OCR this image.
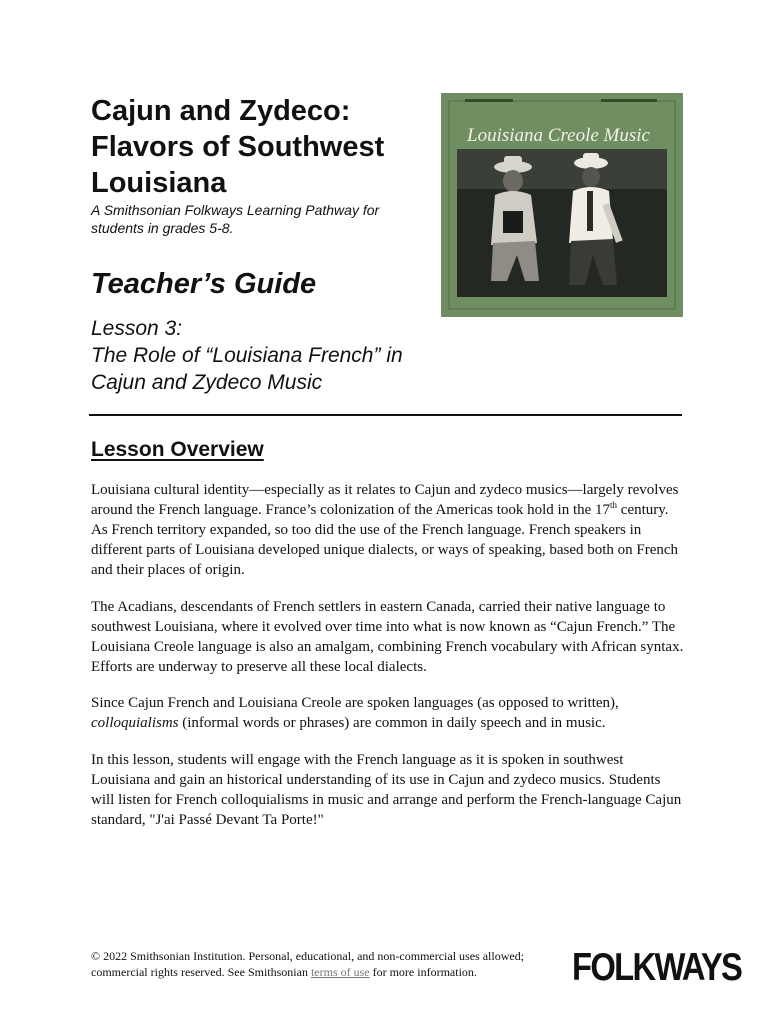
Cajun and Zydeco:
Flavors of Southwest
Louisiana
A Smithsonian Folkways Learning Pathway for students in grades 5-8.
Teacher’s Guide
Lesson 3:
The Role of “Louisiana French” in Cajun and Zydeco Music
Louisiana Creole Music
Lesson Overview

Louisiana cultural identity––especially as it relates to Cajun and zydeco musics—largely revolves around the French language. France’s colonization of the Americas took hold in the 17th century. As French territory expanded, so too did the use of the French language. French speakers in different parts of Louisiana developed unique dialects, or ways of speaking, based both on French and their places of origin.

The Acadians, descendants of French settlers in eastern Canada, carried their native language to southwest Louisiana, where it evolved over time into what is now known as “Cajun French.” The Louisiana Creole language is also an amalgam, combining French vocabulary with African syntax. Efforts are underway to preserve all these local dialects.

Since Cajun French and Louisiana Creole are spoken languages (as opposed to written), colloquialisms (informal words or phrases) are common in daily speech and in music.

In this lesson, students will engage with the French language as it is spoken in southwest Louisiana and gain an historical understanding of its use in Cajun and zydeco musics. Students will listen for French colloquialisms in music and arrange and perform the French-language Cajun standard, "J'ai Passé Devant Ta Porte!"

© 2022 Smithsonian Institution. Personal, educational, and non-commercial uses allowed; commercial rights reserved. See Smithsonian terms of use for more information.	FOLKWAYS
